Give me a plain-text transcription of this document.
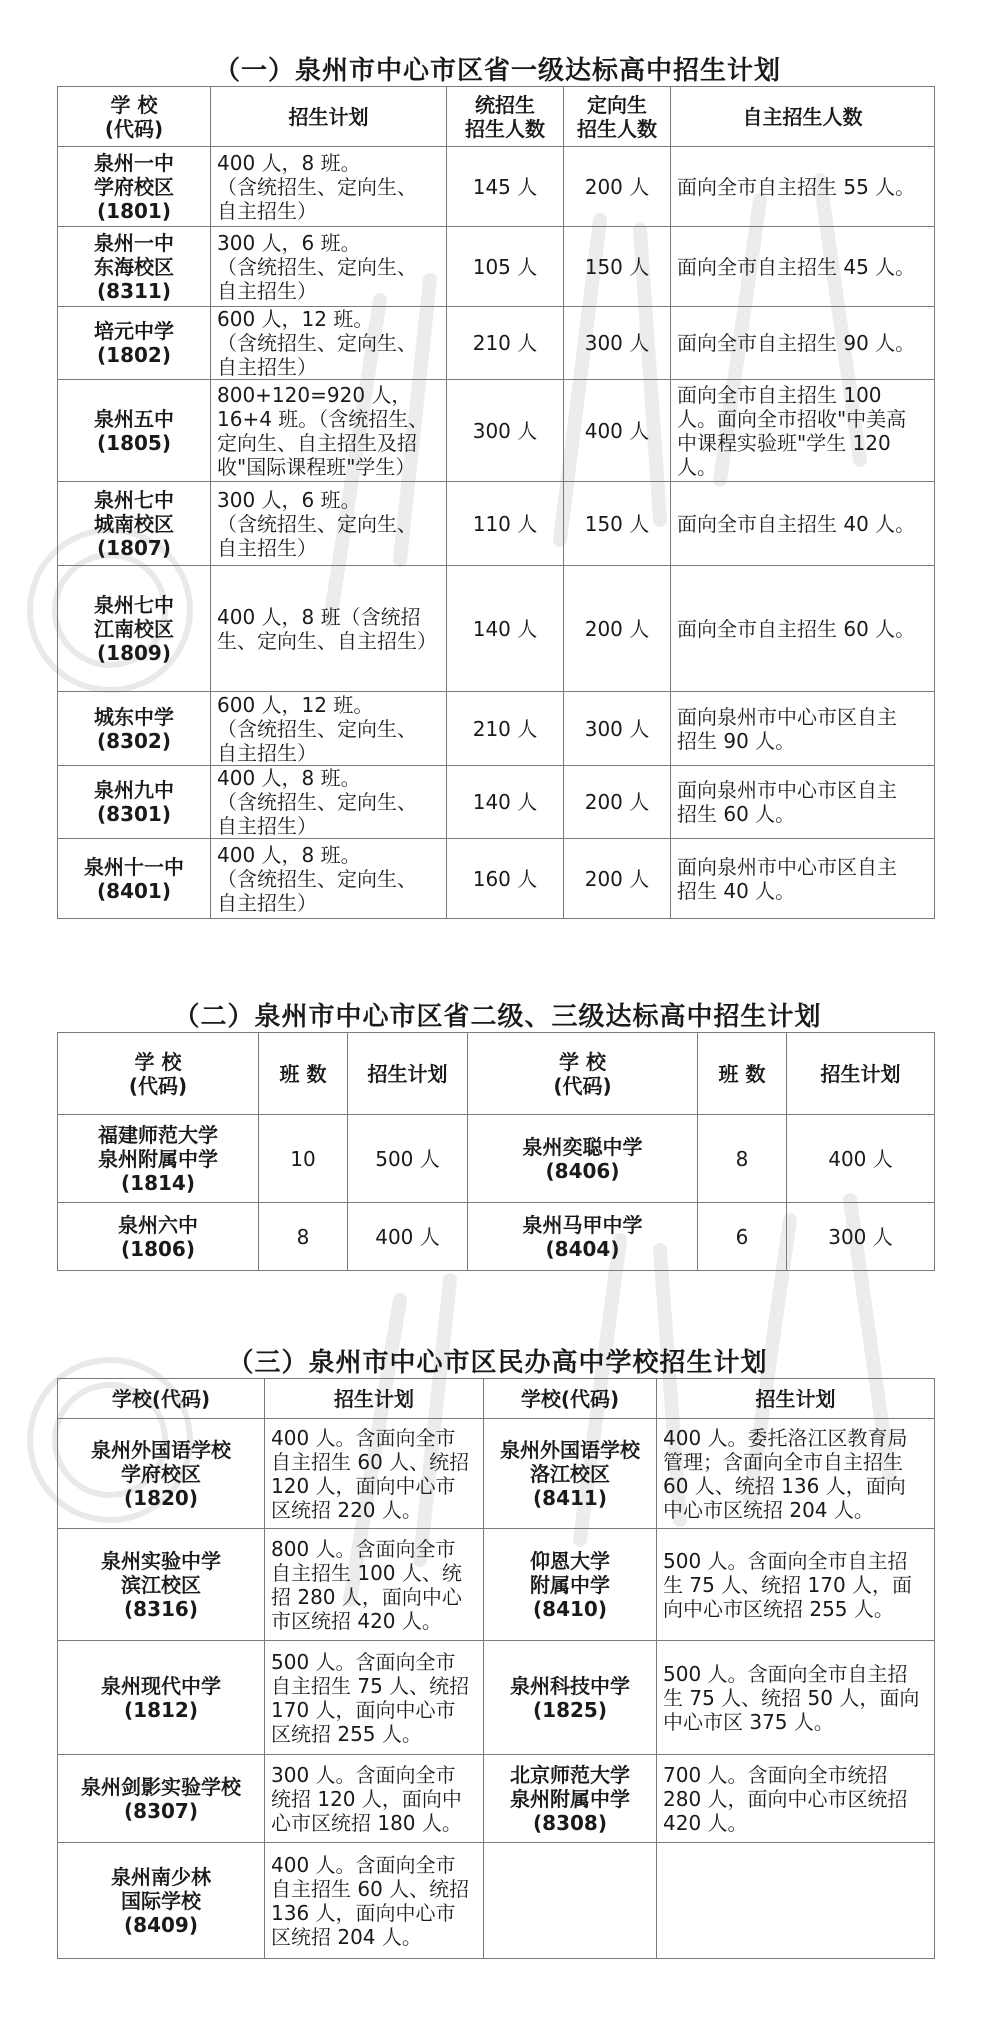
（一）泉州市中心市区省一级达标高中招生计划
学 校
(代码)	招生计划	统招生
招生人数	定向生
招生人数	自主招生人数

泉州一中
学府校区
(1801)	400 人，8 班。
（含统招生、定向生、
自主招生）	145 人	200 人	面向全市自主招生 55 人。

泉州一中
东海校区
(8311)	300 人，6 班。
（含统招生、定向生、
自主招生）	105 人	150 人	面向全市自主招生 45 人。

培元中学
(1802)	600 人，12 班。
（含统招生、定向生、
自主招生）	210 人	300 人	面向全市自主招生 90 人。

泉州五中
(1805)	800+120=920 人，
16+4 班。（含统招生、
定向生、自主招生及招
收"国际课程班"学生）	300 人	400 人	面向全市自主招生 100
人。面向全市招收"中美高
中课程实验班"学生 120
人。

泉州七中
城南校区
(1807)	300 人，6 班。
（含统招生、定向生、
自主招生）	110 人	150 人	面向全市自主招生 40 人。

泉州七中
江南校区
(1809)	400 人，8 班（含统招
生、定向生、自主招生）	140 人	200 人	面向全市自主招生 60 人。

城东中学
(8302)	600 人，12 班。
（含统招生、定向生、
自主招生）	210 人	300 人	面向泉州市中心市区自主
招生 90 人。

泉州九中
(8301)	400 人，8 班。
（含统招生、定向生、
自主招生）	140 人	200 人	面向泉州市中心市区自主
招生 60 人。

泉州十一中
(8401)	400 人，8 班。
（含统招生、定向生、
自主招生）	160 人	200 人	面向泉州市中心市区自主
招生 40 人。
（二）泉州市中心市区省二级、三级达标高中招生计划
学 校
(代码)	班 数	招生计划	学 校
(代码)	班 数	招生计划

福建师范大学
泉州附属中学
(1814)	10	500 人	泉州奕聪中学
(8406)	8	400 人

泉州六中
(1806)	8	400 人	泉州马甲中学
(8404)	6	300 人
（三）泉州市中心市区民办高中学校招生计划
学校(代码)	招生计划	学校(代码)	招生计划

泉州外国语学校
学府校区
(1820)	400 人。含面向全市
自主招生 60 人、统招
120 人，面向中心市
区统招 220 人。	泉州外国语学校
洛江校区
(8411)	400 人。委托洛江区教育局
管理；含面向全市自主招生
60 人、统招 136 人，面向
中心市区统招 204 人。

泉州实验中学
滨江校区
(8316)	800 人。含面向全市
自主招生 100 人、统
招 280 人，面向中心
市区统招 420 人。	仰恩大学
附属中学
(8410)	500 人。含面向全市自主招
生 75 人、统招 170 人，面
向中心市区统招 255 人。

泉州现代中学
(1812)	500 人。含面向全市
自主招生 75 人、统招
170 人，面向中心市
区统招 255 人。	泉州科技中学
(1825)	500 人。含面向全市自主招
生 75 人、统招 50 人，面向
中心市区 375 人。

泉州剑影实验学校
(8307)	300 人。含面向全市
统招 120 人，面向中
心市区统招 180 人。	北京师范大学
泉州附属中学
(8308)	700 人。含面向全市统招
280 人，面向中心市区统招
420 人。

泉州南少林
国际学校
(8409)	400 人。含面向全市
自主招生 60 人、统招
136 人，面向中心市
区统招 204 人。	
